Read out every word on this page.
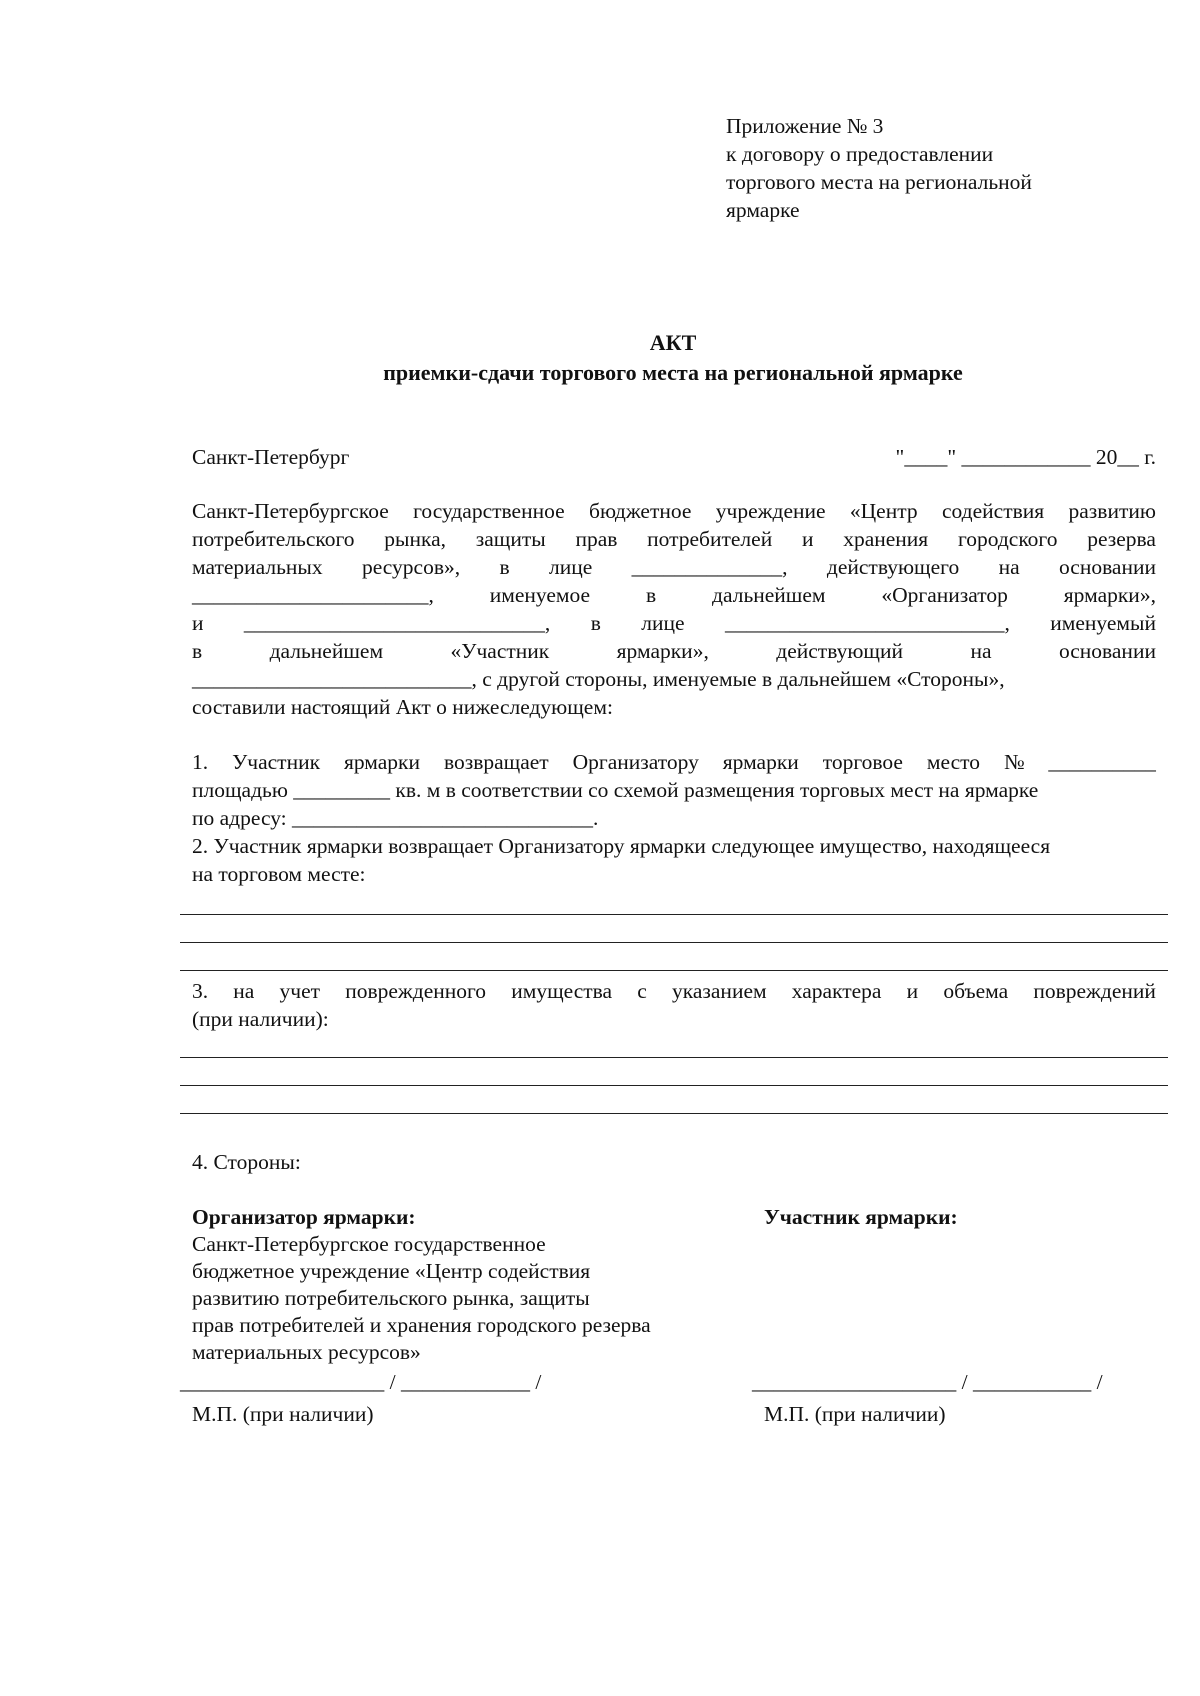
Приложение № 3
к договору о предоставлении
торгового места на региональной
ярмарке
АКТ
приемки-сдачи торгового места на региональной ярмарке
Санкт-Петербург	"____" ____________ 20__ г.
Санкт-Петербургское государственное бюджетное учреждение «Центр содействия развитию
потребительского рынка, защиты прав потребителей и хранения городского резерва
материальных ресурсов», в лице ______________, действующего на основании
______________________,	именуемое	в	дальнейшем	«Организатор	ярмарки»,
и ____________________________, в лице __________________________, именуемый
в	дальнейшем	«Участник	ярмарки»,	действующий	на	основании
__________________________, с другой стороны, именуемые в дальнейшем «Стороны»,
составили настоящий Акт о нижеследующем:
1. Участник ярмарки возвращает Организатору ярмарки торговое место № __________
площадью _________ кв. м в соответствии со схемой размещения торговых мест на ярмарке
по адресу: ____________________________.
2. Участник ярмарки возвращает Организатору ярмарки следующее имущество, находящееся
на торговом месте:
3. на учет поврежденного имущества с указанием характера и объема повреждений
(при наличии):
4. Стороны:
Организатор ярмарки:
Санкт-Петербургское государственное
бюджетное учреждение «Центр содействия
развитию потребительского рынка, защиты
прав потребителей и хранения городского резерва
материальных ресурсов»
___________________ / ____________ /
М.П. (при наличии)
Участник ярмарки:
___________________ / ___________ /
М.П. (при наличии)
